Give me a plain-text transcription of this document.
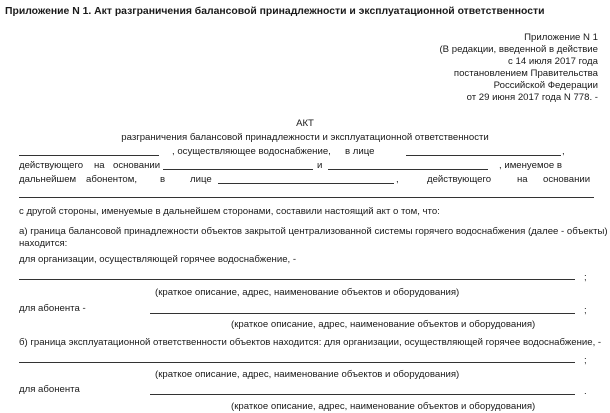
Приложение N 1. Акт разграничения балансовой принадлежности и эксплуатационной ответственности
Приложение N 1
(В редакции, введенной в действие
с 14 июля 2017 года
постановлением Правительства
Российской Федерации
от 29 июня 2017 года N 778. -
АКТ
разграничения балансовой принадлежности и эксплуатационной ответственности
, осуществляющее водоснабжение, в лице	,
действующего на основании	и	, именуемое в
дальнейшем абонентом, в	лице	,	действующего	на основании
с другой стороны, именуемые в дальнейшем сторонами, составили настоящий акт о том, что:
а) граница балансовой принадлежности объектов закрытой централизованной системы горячего водоснабжения (далее - объекты)
находится:
для организации, осуществляющей горячее водоснабжение, -
;
(краткое описание, адрес, наименование объектов и оборудования)
для абонента -	;
(краткое описание, адрес, наименование объектов и оборудования)
б) граница эксплуатационной ответственности объектов находится: для организации, осуществляющей горячее водоснабжение, -
;
(краткое описание, адрес, наименование объектов и оборудования)
для абонента	.
(краткое описание, адрес, наименование объектов и оборудования)
